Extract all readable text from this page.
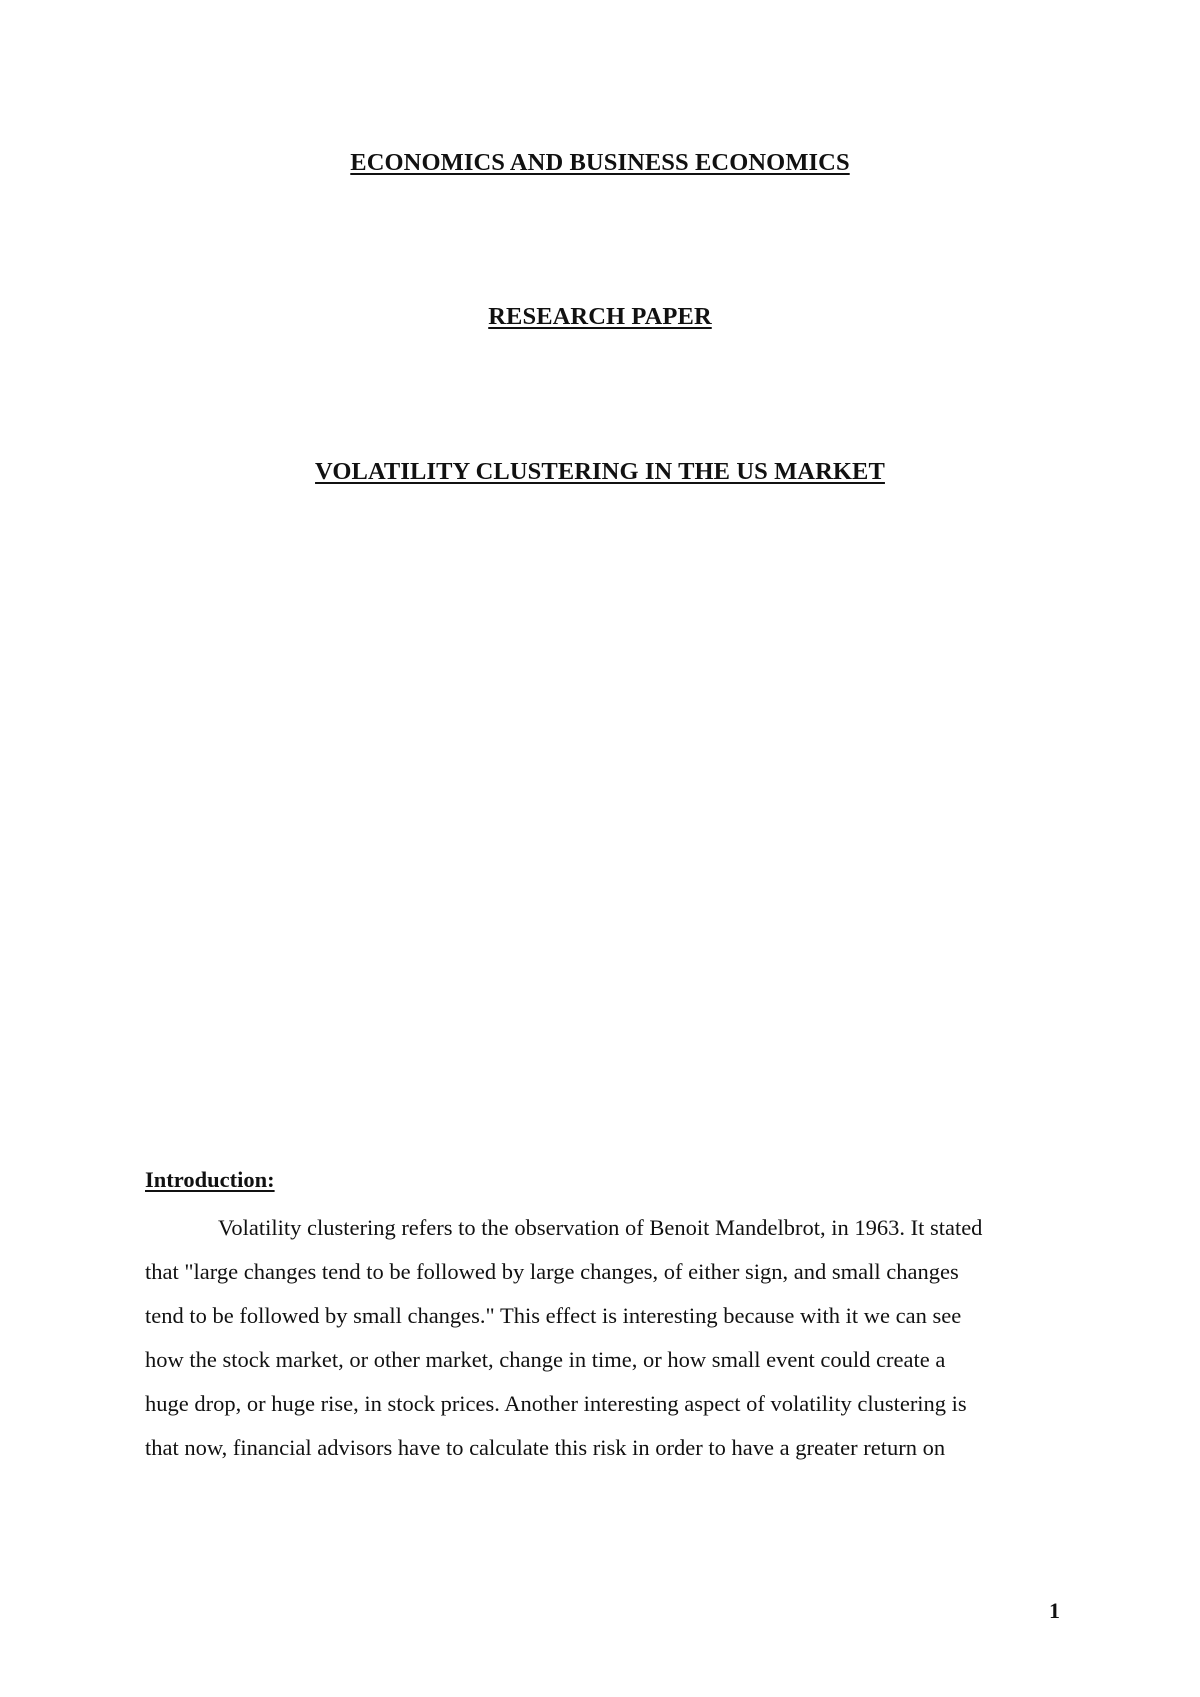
ECONOMICS AND BUSINESS ECONOMICS
RESEARCH PAPER
VOLATILITY CLUSTERING IN THE US MARKET
Introduction:
Volatility clustering refers to the observation of Benoit Mandelbrot, in 1963. It stated
that "large changes tend to be followed by large changes, of either sign, and small changes
tend to be followed by small changes." This effect is interesting because with it we can see
how the stock market, or other market, change in time, or how small event could create a
huge drop, or huge rise, in stock prices. Another interesting aspect of volatility clustering is
that now, financial advisors have to calculate this risk in order to have a greater return on
1
